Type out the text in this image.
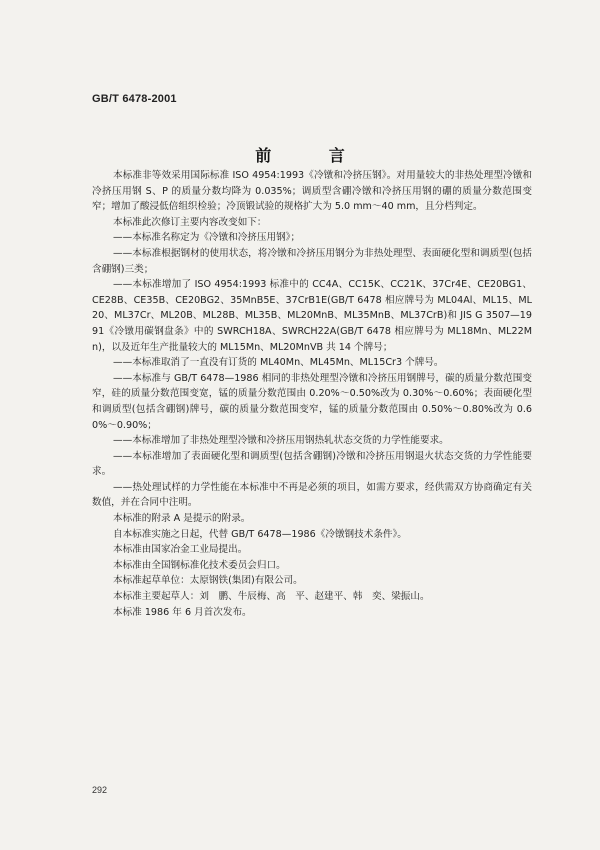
GB/T 6478-2001
前 言

本标准非等效采用国际标准 ISO 4954:1993《冷镦和冷挤压钢》。对用量较大的非热处理型冷镦和冷挤压用钢 S、P 的质量分数均降为 0.035%；调质型含硼冷镦和冷挤压用钢的硼的质量分数范围变窄；增加了酸浸低倍组织检验；冷顶锻试验的规格扩大为 5.0 mm～40 mm，且分档判定。

本标准此次修订主要内容改变如下：

——本标准名称定为《冷镦和冷挤压用钢》；

——本标准根据钢材的使用状态，将冷镦和冷挤压用钢分为非热处理型、表面硬化型和调质型(包括含硼钢)三类；

——本标准增加了 ISO 4954:1993 标准中的 CC4A、CC15K、CC21K、37Cr4E、CE20BG1、CE28B、CE35B、CE20BG2、35MnB5E、37CrB1E(GB/T 6478 相应牌号为 ML04Al、ML15、ML20、ML37Cr、ML20B、ML28B、ML35B、ML20MnB、ML35MnB、ML37CrB)和 JIS G 3507—1991《冷镦用碳钢盘条》中的 SWRCH18A、SWRCH22A(GB/T 6478 相应牌号为 ML18Mn、ML22Mn)，以及近年生产批量较大的 ML15Mn、ML20MnVB 共 14 个牌号；

——本标准取消了一直没有订货的 ML40Mn、ML45Mn、ML15Cr3 个牌号。

——本标准与 GB/T 6478—1986 相同的非热处理型冷镦和冷挤压用钢牌号，碳的质量分数范围变窄，硅的质量分数范围变宽，锰的质量分数范围由 0.20%～0.50%改为 0.30%～0.60%；表面硬化型和调质型(包括含硼钢)牌号，碳的质量分数范围变窄，锰的质量分数范围由 0.50%～0.80%改为 0.60%～0.90%；

——本标准增加了非热处理型冷镦和冷挤压用钢热轧状态交货的力学性能要求。

——本标准增加了表面硬化型和调质型(包括含硼钢)冷镦和冷挤压用钢退火状态交货的力学性能要求。

——热处理试样的力学性能在本标准中不再是必须的项目，如需方要求，经供需双方协商确定有关数值，并在合同中注明。

本标准的附录 A 是提示的附录。

自本标准实施之日起，代替 GB/T 6478—1986《冷镦钢技术条件》。

本标准由国家冶金工业局提出。

本标准由全国钢标准化技术委员会归口。

本标准起草单位：太原钢铁(集团)有限公司。

本标准主要起草人：刘　鹏、牛辰梅、高　平、赵建平、韩　奕、梁振山。

本标准 1986 年 6 月首次发布。

292
